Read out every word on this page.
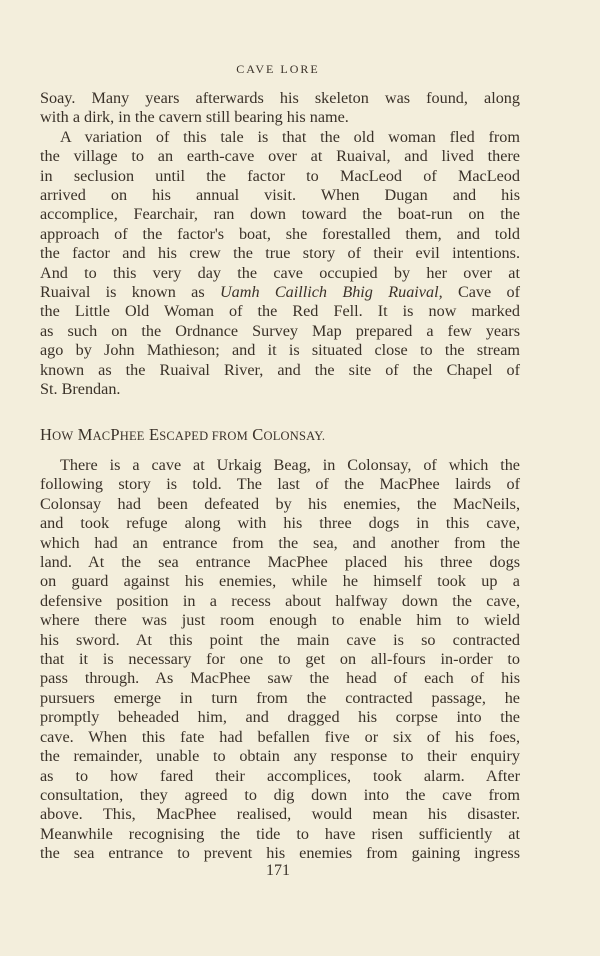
CAVE LORE
Soay. Many years afterwards his skeleton was found, along
with a dirk, in the cavern still bearing his name.
A variation of this tale is that the old woman fled from
the village to an earth-cave over at Ruaival, and lived there
in seclusion until the factor to MacLeod of MacLeod
arrived on his annual visit. When Dugan and his
accomplice, Fearchair, ran down toward the boat-run on the
approach of the factor's boat, she forestalled them, and told
the factor and his crew the true story of their evil intentions.
And to this very day the cave occupied by her over at
Ruaival is known as Uamh Caillich Bhig Ruaival, Cave of
the Little Old Woman of the Red Fell. It is now marked
as such on the Ordnance Survey Map prepared a few years
ago by John Mathieson; and it is situated close to the stream
known as the Ruaival River, and the site of the Chapel of
St. Brendan.
HOW MACPHEE ESCAPED FROM COLONSAY.
There is a cave at Urkaig Beag, in Colonsay, of which the
following story is told. The last of the MacPhee lairds of
Colonsay had been defeated by his enemies, the MacNeils,
and took refuge along with his three dogs in this cave,
which had an entrance from the sea, and another from the
land. At the sea entrance MacPhee placed his three dogs
on guard against his enemies, while he himself took up a
defensive position in a recess about halfway down the cave,
where there was just room enough to enable him to wield
his sword. At this point the main cave is so contracted
that it is necessary for one to get on all-fours in-order to
pass through. As MacPhee saw the head of each of his
pursuers emerge in turn from the contracted passage, he
promptly beheaded him, and dragged his corpse into the
cave. When this fate had befallen five or six of his foes,
the remainder, unable to obtain any response to their enquiry
as to how fared their accomplices, took alarm. After
consultation, they agreed to dig down into the cave from
above. This, MacPhee realised, would mean his disaster.
Meanwhile recognising the tide to have risen sufficiently at
the sea entrance to prevent his enemies from gaining ingress
171
